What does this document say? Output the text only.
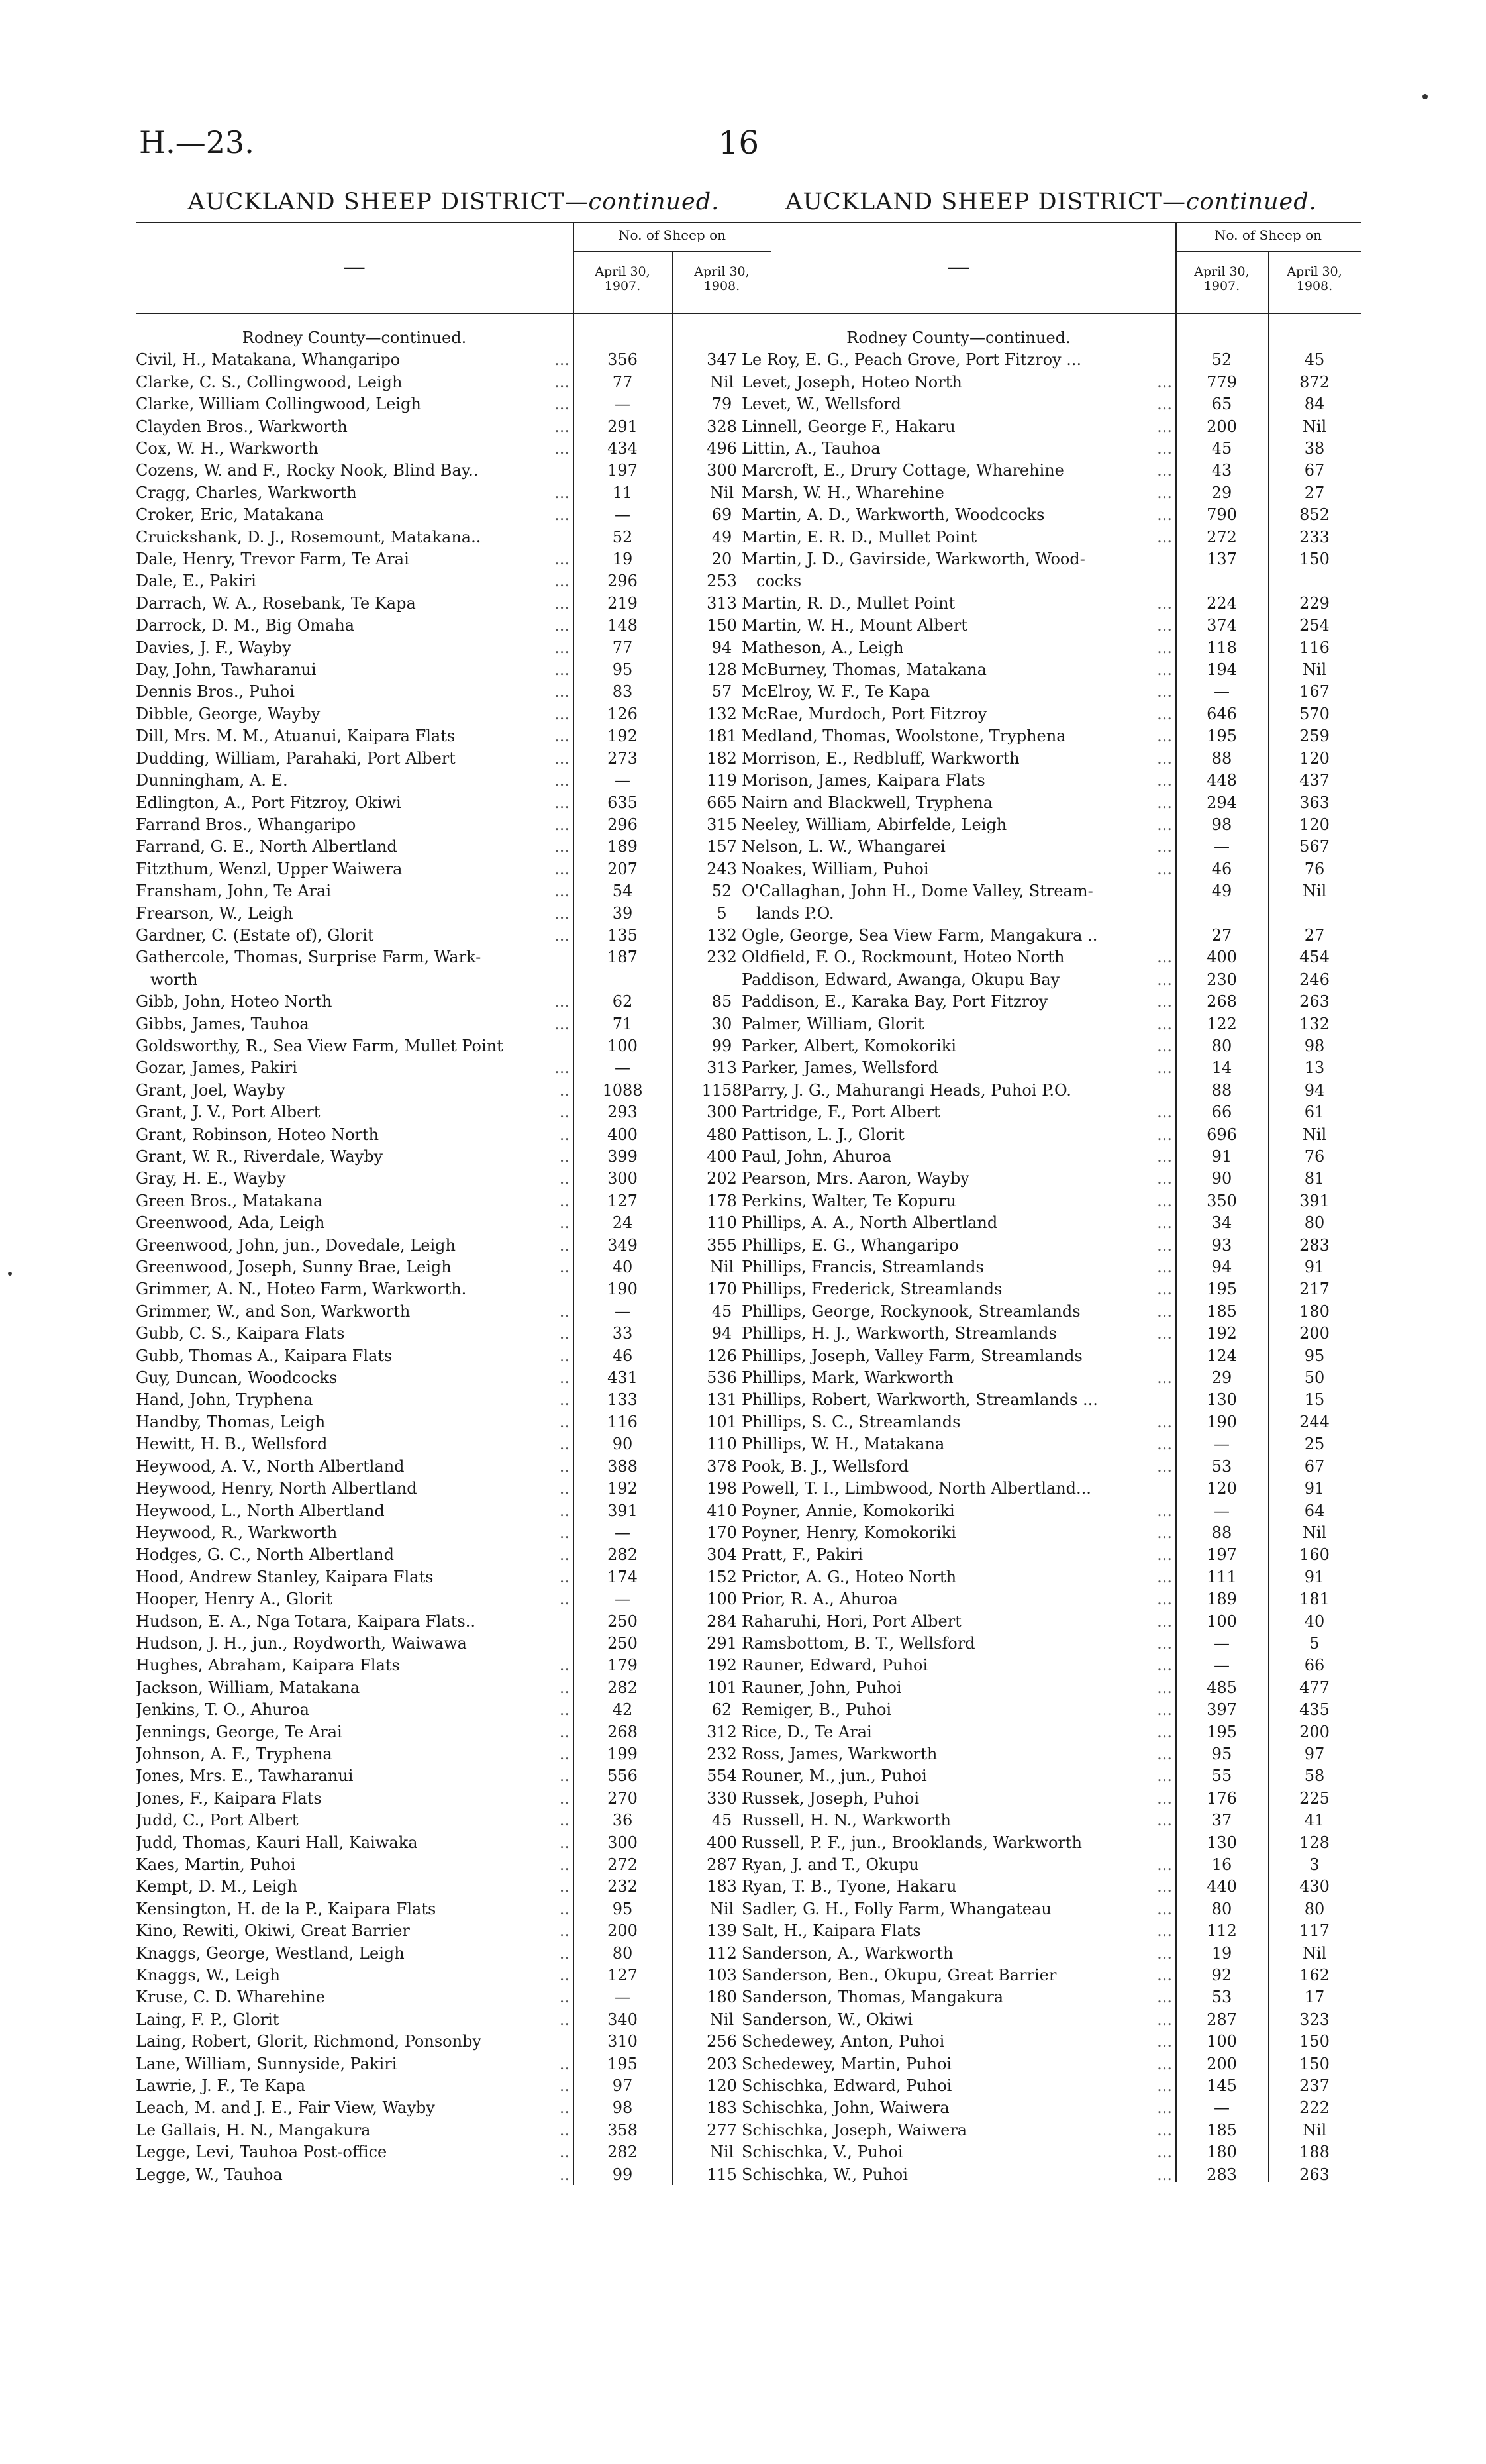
H.—23.	16
AUCKLAND SHEEP DISTRICT—continued.
—
No. of Sheep on
April 30, 1907.
April 30, 1908.
Rodney County—continued.
Civil, H., Matakana, Whangaripo	...	356	347
Clarke, C. S., Collingwood, Leigh	...	77	Nil
Clarke, William Collingwood, Leigh	...	—	79
Clayden Bros., Warkworth	...	291	328
Cox, W. H., Warkworth	...	434	496
Cozens, W. and F., Rocky Nook, Blind Bay..	197	300
Cragg, Charles, Warkworth	...	11	Nil
Croker, Eric, Matakana	...	—	69
Cruickshank, D. J., Rosemount, Matakana..	52	49
Dale, Henry, Trevor Farm, Te Arai	...	19	20
Dale, E., Pakiri	...	296	253
Darrach, W. A., Rosebank, Te Kapa	...	219	313
Darrock, D. M., Big Omaha	...	148	150
Davies, J. F., Wayby	...	77	94
Day, John, Tawharanui	...	95	128
Dennis Bros., Puhoi	...	83	57
Dibble, George, Wayby	...	126	132
Dill, Mrs. M. M., Atuanui, Kaipara Flats	...	192	181
Dudding, William, Parahaki, Port Albert	...	273	182
Dunningham, A. E.	...	—	119
Edlington, A., Port Fitzroy, Okiwi	...	635	665
Farrand Bros., Whangaripo	...	296	315
Farrand, G. E., North Albertland	...	189	157
Fitzthum, Wenzl, Upper Waiwera	...	207	243
Fransham, John, Te Arai	...	54	52
Frearson, W., Leigh	...	39	5
Gardner, C. (Estate of), Glorit	...	135	132
Gathercole, Thomas, Surprise Farm, Wark-	187	232
worth
Gibb, John, Hoteo North	...	62	85
Gibbs, James, Tauhoa	...	71	30
Goldsworthy, R., Sea View Farm, Mullet Point	100	99
Gozar, James, Pakiri	...	—	313
Grant, Joel, Wayby	..	1088	1158
Grant, J. V., Port Albert	..	293	300
Grant, Robinson, Hoteo North	..	400	480
Grant, W. R., Riverdale, Wayby	..	399	400
Gray, H. E., Wayby	..	300	202
Green Bros., Matakana	..	127	178
Greenwood, Ada, Leigh	..	24	110
Greenwood, John, jun., Dovedale, Leigh	..	349	355
Greenwood, Joseph, Sunny Brae, Leigh	..	40	Nil
Grimmer, A. N., Hoteo Farm, Warkworth.	190	170
Grimmer, W., and Son, Warkworth	..	—	45
Gubb, C. S., Kaipara Flats	..	33	94
Gubb, Thomas A., Kaipara Flats	..	46	126
Guy, Duncan, Woodcocks	..	431	536
Hand, John, Tryphena	..	133	131
Handby, Thomas, Leigh	..	116	101
Hewitt, H. B., Wellsford	..	90	110
Heywood, A. V., North Albertland	..	388	378
Heywood, Henry, North Albertland	..	192	198
Heywood, L., North Albertland	..	391	410
Heywood, R., Warkworth	..	—	170
Hodges, G. C., North Albertland	..	282	304
Hood, Andrew Stanley, Kaipara Flats	..	174	152
Hooper, Henry A., Glorit	..	—	100
Hudson, E. A., Nga Totara, Kaipara Flats..	250	284
Hudson, J. H., jun., Roydworth, Waiwawa	250	291
Hughes, Abraham, Kaipara Flats	..	179	192
Jackson, William, Matakana	..	282	101
Jenkins, T. O., Ahuroa	..	42	62
Jennings, George, Te Arai	..	268	312
Johnson, A. F., Tryphena	..	199	232
Jones, Mrs. E., Tawharanui	..	556	554
Jones, F., Kaipara Flats	..	270	330
Judd, C., Port Albert	..	36	45
Judd, Thomas, Kauri Hall, Kaiwaka	..	300	400
Kaes, Martin, Puhoi	..	272	287
Kempt, D. M., Leigh	..	232	183
Kensington, H. de la P., Kaipara Flats	..	95	Nil
Kino, Rewiti, Okiwi, Great Barrier	..	200	139
Knaggs, George, Westland, Leigh	..	80	112
Knaggs, W., Leigh	..	127	103
Kruse, C. D. Wharehine	..	—	180
Laing, F. P., Glorit	..	340	Nil
Laing, Robert, Glorit, Richmond, Ponsonby	310	256
Lane, William, Sunnyside, Pakiri	..	195	203
Lawrie, J. F., Te Kapa	..	97	120
Leach, M. and J. E., Fair View, Wayby	..	98	183
Le Gallais, H. N., Mangakura	..	358	277
Legge, Levi, Tauhoa Post-office	..	282	Nil
Legge, W., Tauhoa	..	99	115
AUCKLAND SHEEP DISTRICT—continued.
—
No. of Sheep on
April 30, 1907.
April 30, 1908.
Rodney County—continued.
Le Roy, E. G., Peach Grove, Port Fitzroy ...	52	45
Levet, Joseph, Hoteo North	...	779	872
Levet, W., Wellsford	...	65	84
Linnell, George F., Hakaru	...	200	Nil
Littin, A., Tauhoa	...	45	38
Marcroft, E., Drury Cottage, Wharehine	...	43	67
Marsh, W. H., Wharehine	...	29	27
Martin, A. D., Warkworth, Woodcocks	...	790	852
Martin, E. R. D., Mullet Point	...	272	233
Martin, J. D., Gavirside, Warkworth, Wood-	137	150
cocks
Martin, R. D., Mullet Point	...	224	229
Martin, W. H., Mount Albert	...	374	254
Matheson, A., Leigh	...	118	116
McBurney, Thomas, Matakana	...	194	Nil
McElroy, W. F., Te Kapa	...	—	167
McRae, Murdoch, Port Fitzroy	...	646	570
Medland, Thomas, Woolstone, Tryphena	...	195	259
Morrison, E., Redbluff, Warkworth	...	88	120
Morison, James, Kaipara Flats	...	448	437
Nairn and Blackwell, Tryphena	...	294	363
Neeley, William, Abirfelde, Leigh	...	98	120
Nelson, L. W., Whangarei	...	—	567
Noakes, William, Puhoi	...	46	76
O'Callaghan, John H., Dome Valley, Stream-	49	Nil
lands P.O.
Ogle, George, Sea View Farm, Mangakura ..	27	27
Oldfield, F. O., Rockmount, Hoteo North	...	400	454
Paddison, Edward, Awanga, Okupu Bay	...	230	246
Paddison, E., Karaka Bay, Port Fitzroy	...	268	263
Palmer, William, Glorit	...	122	132
Parker, Albert, Komokoriki	...	80	98
Parker, James, Wellsford	...	14	13
Parry, J. G., Mahurangi Heads, Puhoi P.O.	88	94
Partridge, F., Port Albert	...	66	61
Pattison, L. J., Glorit	...	696	Nil
Paul, John, Ahuroa	...	91	76
Pearson, Mrs. Aaron, Wayby	...	90	81
Perkins, Walter, Te Kopuru	...	350	391
Phillips, A. A., North Albertland	...	34	80
Phillips, E. G., Whangaripo	...	93	283
Phillips, Francis, Streamlands	...	94	91
Phillips, Frederick, Streamlands	...	195	217
Phillips, George, Rockynook, Streamlands	...	185	180
Phillips, H. J., Warkworth, Streamlands	...	192	200
Phillips, Joseph, Valley Farm, Streamlands	124	95
Phillips, Mark, Warkworth	...	29	50
Phillips, Robert, Warkworth, Streamlands ...	130	15
Phillips, S. C., Streamlands	...	190	244
Phillips, W. H., Matakana	...	—	25
Pook, B. J., Wellsford	...	53	67
Powell, T. I., Limbwood, North Albertland...	120	91
Poyner, Annie, Komokoriki	...	—	64
Poyner, Henry, Komokoriki	...	88	Nil
Pratt, F., Pakiri	...	197	160
Prictor, A. G., Hoteo North	...	111	91
Prior, R. A., Ahuroa	...	189	181
Raharuhi, Hori, Port Albert	...	100	40
Ramsbottom, B. T., Wellsford	...	—	5
Rauner, Edward, Puhoi	...	—	66
Rauner, John, Puhoi	...	485	477
Remiger, B., Puhoi	...	397	435
Rice, D., Te Arai	...	195	200
Ross, James, Warkworth	...	95	97
Rouner, M., jun., Puhoi	...	55	58
Russek, Joseph, Puhoi	...	176	225
Russell, H. N., Warkworth	...	37	41
Russell, P. F., jun., Brooklands, Warkworth	130	128
Ryan, J. and T., Okupu	...	16	3
Ryan, T. B., Tyone, Hakaru	...	440	430
Sadler, G. H., Folly Farm, Whangateau	...	80	80
Salt, H., Kaipara Flats	...	112	117
Sanderson, A., Warkworth	...	19	Nil
Sanderson, Ben., Okupu, Great Barrier	...	92	162
Sanderson, Thomas, Mangakura	...	53	17
Sanderson, W., Okiwi	...	287	323
Schedewey, Anton, Puhoi	...	100	150
Schedewey, Martin, Puhoi	...	200	150
Schischka, Edward, Puhoi	...	145	237
Schischka, John, Waiwera	...	—	222
Schischka, Joseph, Waiwera	...	185	Nil
Schischka, V., Puhoi	...	180	188
Schischka, W., Puhoi	...	283	263
